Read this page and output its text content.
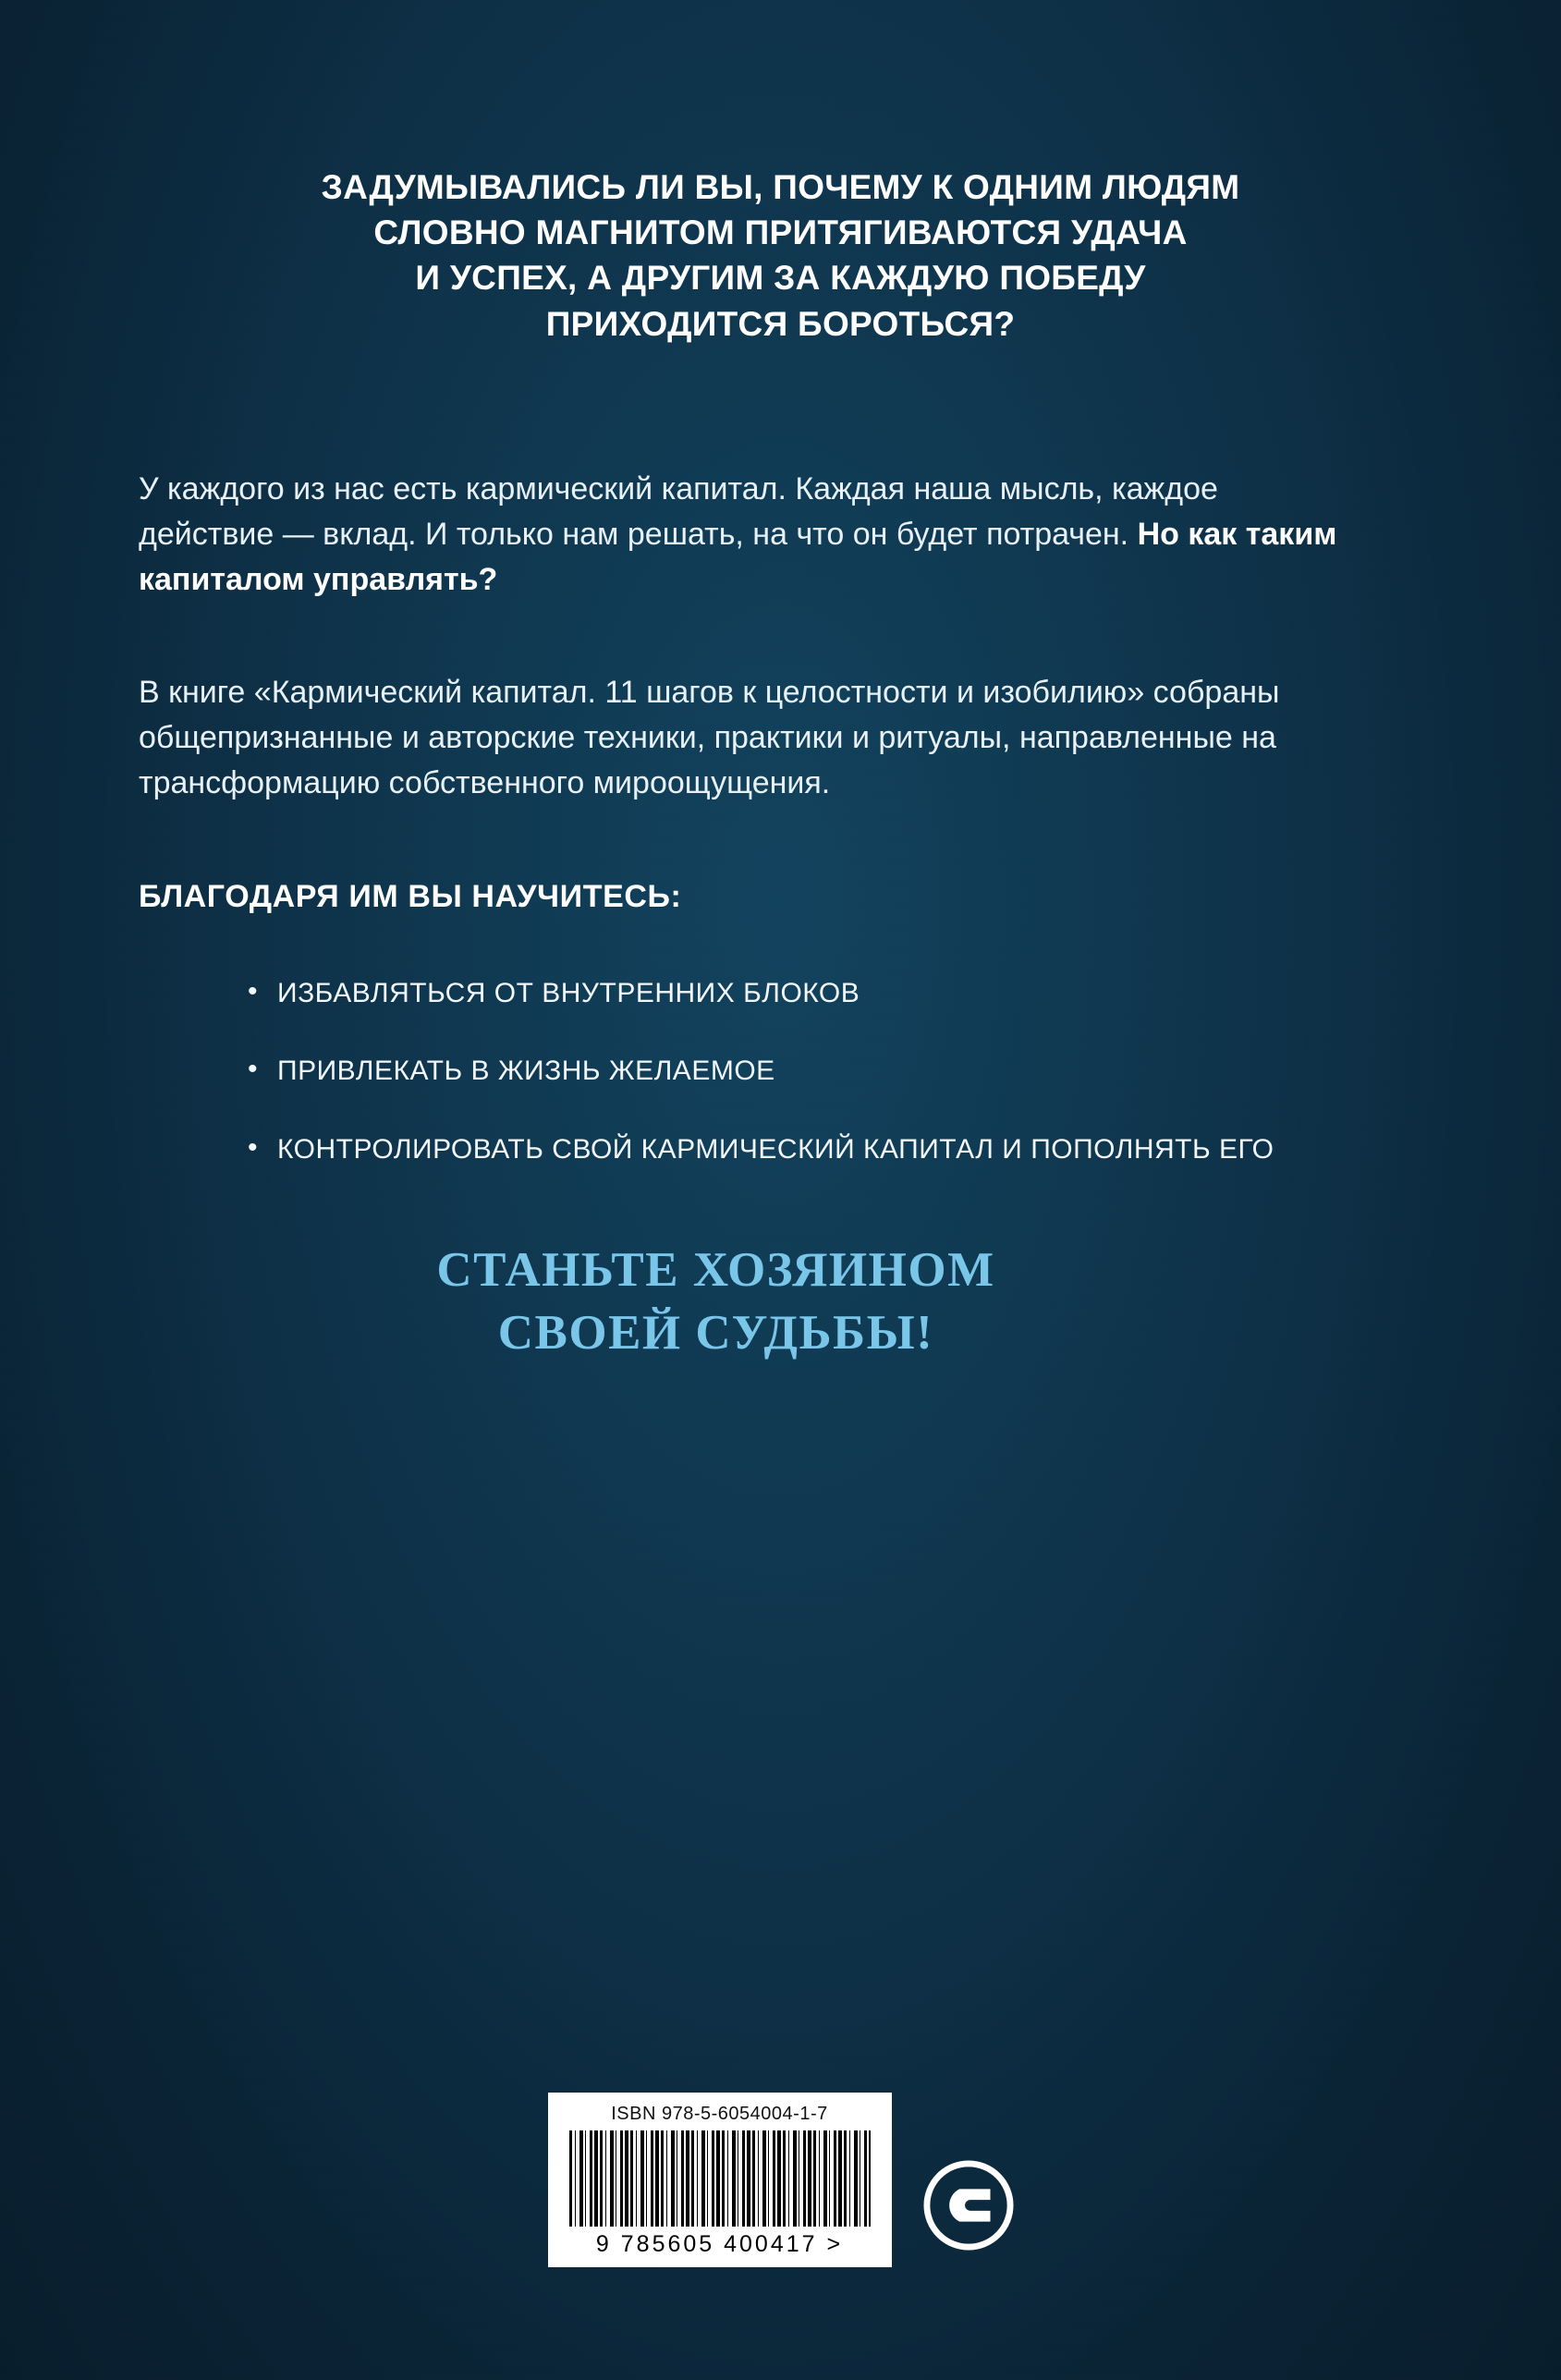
ЗАДУМЫВАЛИСЬ ЛИ ВЫ, ПОЧЕМУ К ОДНИМ ЛЮДЯМ
СЛОВНО МАГНИТОМ ПРИТЯГИВАЮТСЯ УДАЧА
И УСПЕХ, А ДРУГИМ ЗА КАЖДУЮ ПОБЕДУ
ПРИХОДИТСЯ БОРОТЬСЯ?

У каждого из нас есть кармический капитал. Каждая наша мысль, каждое действие — вклад. И только нам решать, на что он будет потрачен. Но как таким капиталом управлять?

В книге «Кармический капитал. 11 шагов к целостности и изобилию» собраны общепризнанные и авторские техники, практики и ритуалы, направленные на трансформацию собственного мироощущения.

БЛАГОДАРЯ ИМ ВЫ НАУЧИТЕСЬ:
• ИЗБАВЛЯТЬСЯ ОТ ВНУТРЕННИХ БЛОКОВ
• ПРИВЛЕКАТЬ В ЖИЗНЬ ЖЕЛАЕМОЕ
• КОНТРОЛИРОВАТЬ СВОЙ КАРМИЧЕСКИЙ КАПИТАЛ И ПОПОЛНЯТЬ ЕГО
СТАНЬТЕ ХОЗЯИНОМ
СВОЕЙ СУДЬБЫ!
ISBN 978-5-6054004-1-7
9 785605 400417 >
